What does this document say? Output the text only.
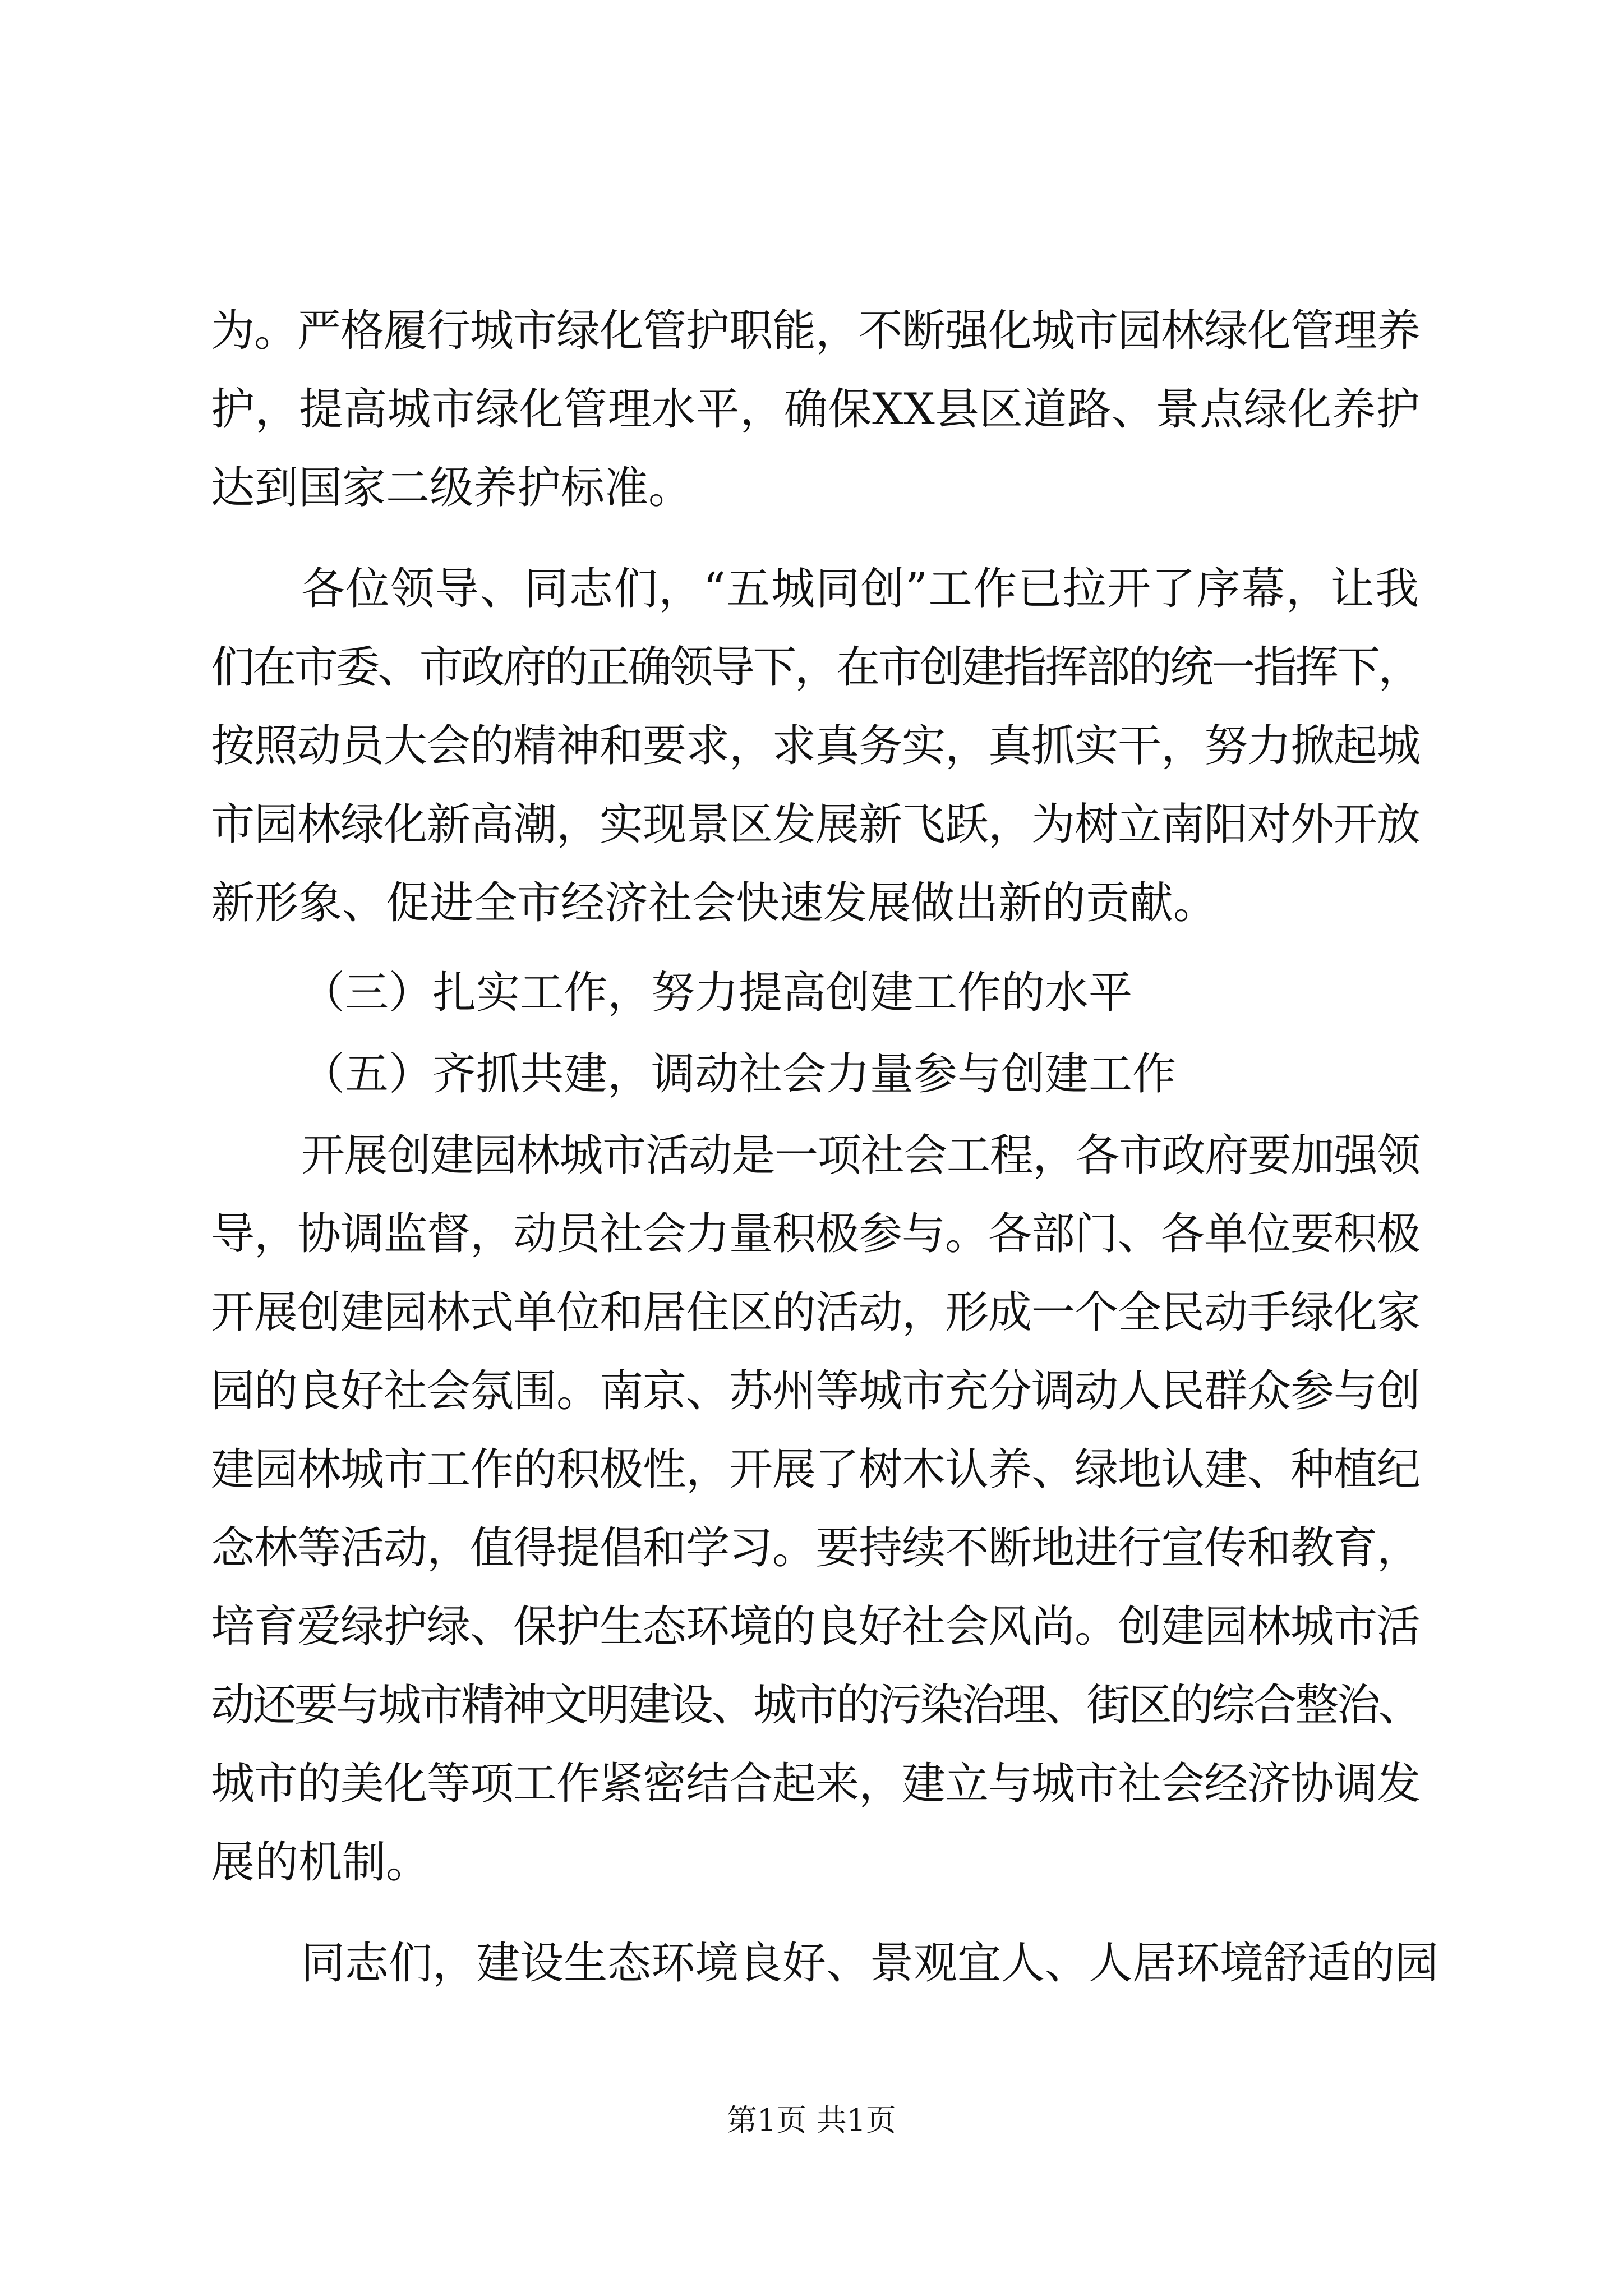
为。严格履行城市绿化管护职能，不断强化城市园林绿化管理养
护，提高城市绿化管理水平，确保XX县区道路、景点绿化养护
达到国家二级养护标准。
各位领导、同志们，“五城同创”工作已拉开了序幕，让我
们在市委、市政府的正确领导下，在市创建指挥部的统一指挥下，
按照动员大会的精神和要求，求真务实，真抓实干，努力掀起城
市园林绿化新高潮，实现景区发展新飞跃，为树立南阳对外开放
新形象、促进全市经济社会快速发展做出新的贡献。
（三）扎实工作，努力提高创建工作的水平
（五）齐抓共建，调动社会力量参与创建工作
开展创建园林城市活动是一项社会工程，各市政府要加强领
导，协调监督，动员社会力量积极参与。各部门、各单位要积极
开展创建园林式单位和居住区的活动，形成一个全民动手绿化家
园的良好社会氛围。南京、苏州等城市充分调动人民群众参与创
建园林城市工作的积极性，开展了树木认养、绿地认建、种植纪
念林等活动，值得提倡和学习。要持续不断地进行宣传和教育，
培育爱绿护绿、保护生态环境的良好社会风尚。创建园林城市活
动还要与城市精神文明建设、城市的污染治理、街区的综合整治、
城市的美化等项工作紧密结合起来，建立与城市社会经济协调发
展的机制。
同志们，建设生态环境良好、景观宜人、人居环境舒适的园
第1页 共1页
